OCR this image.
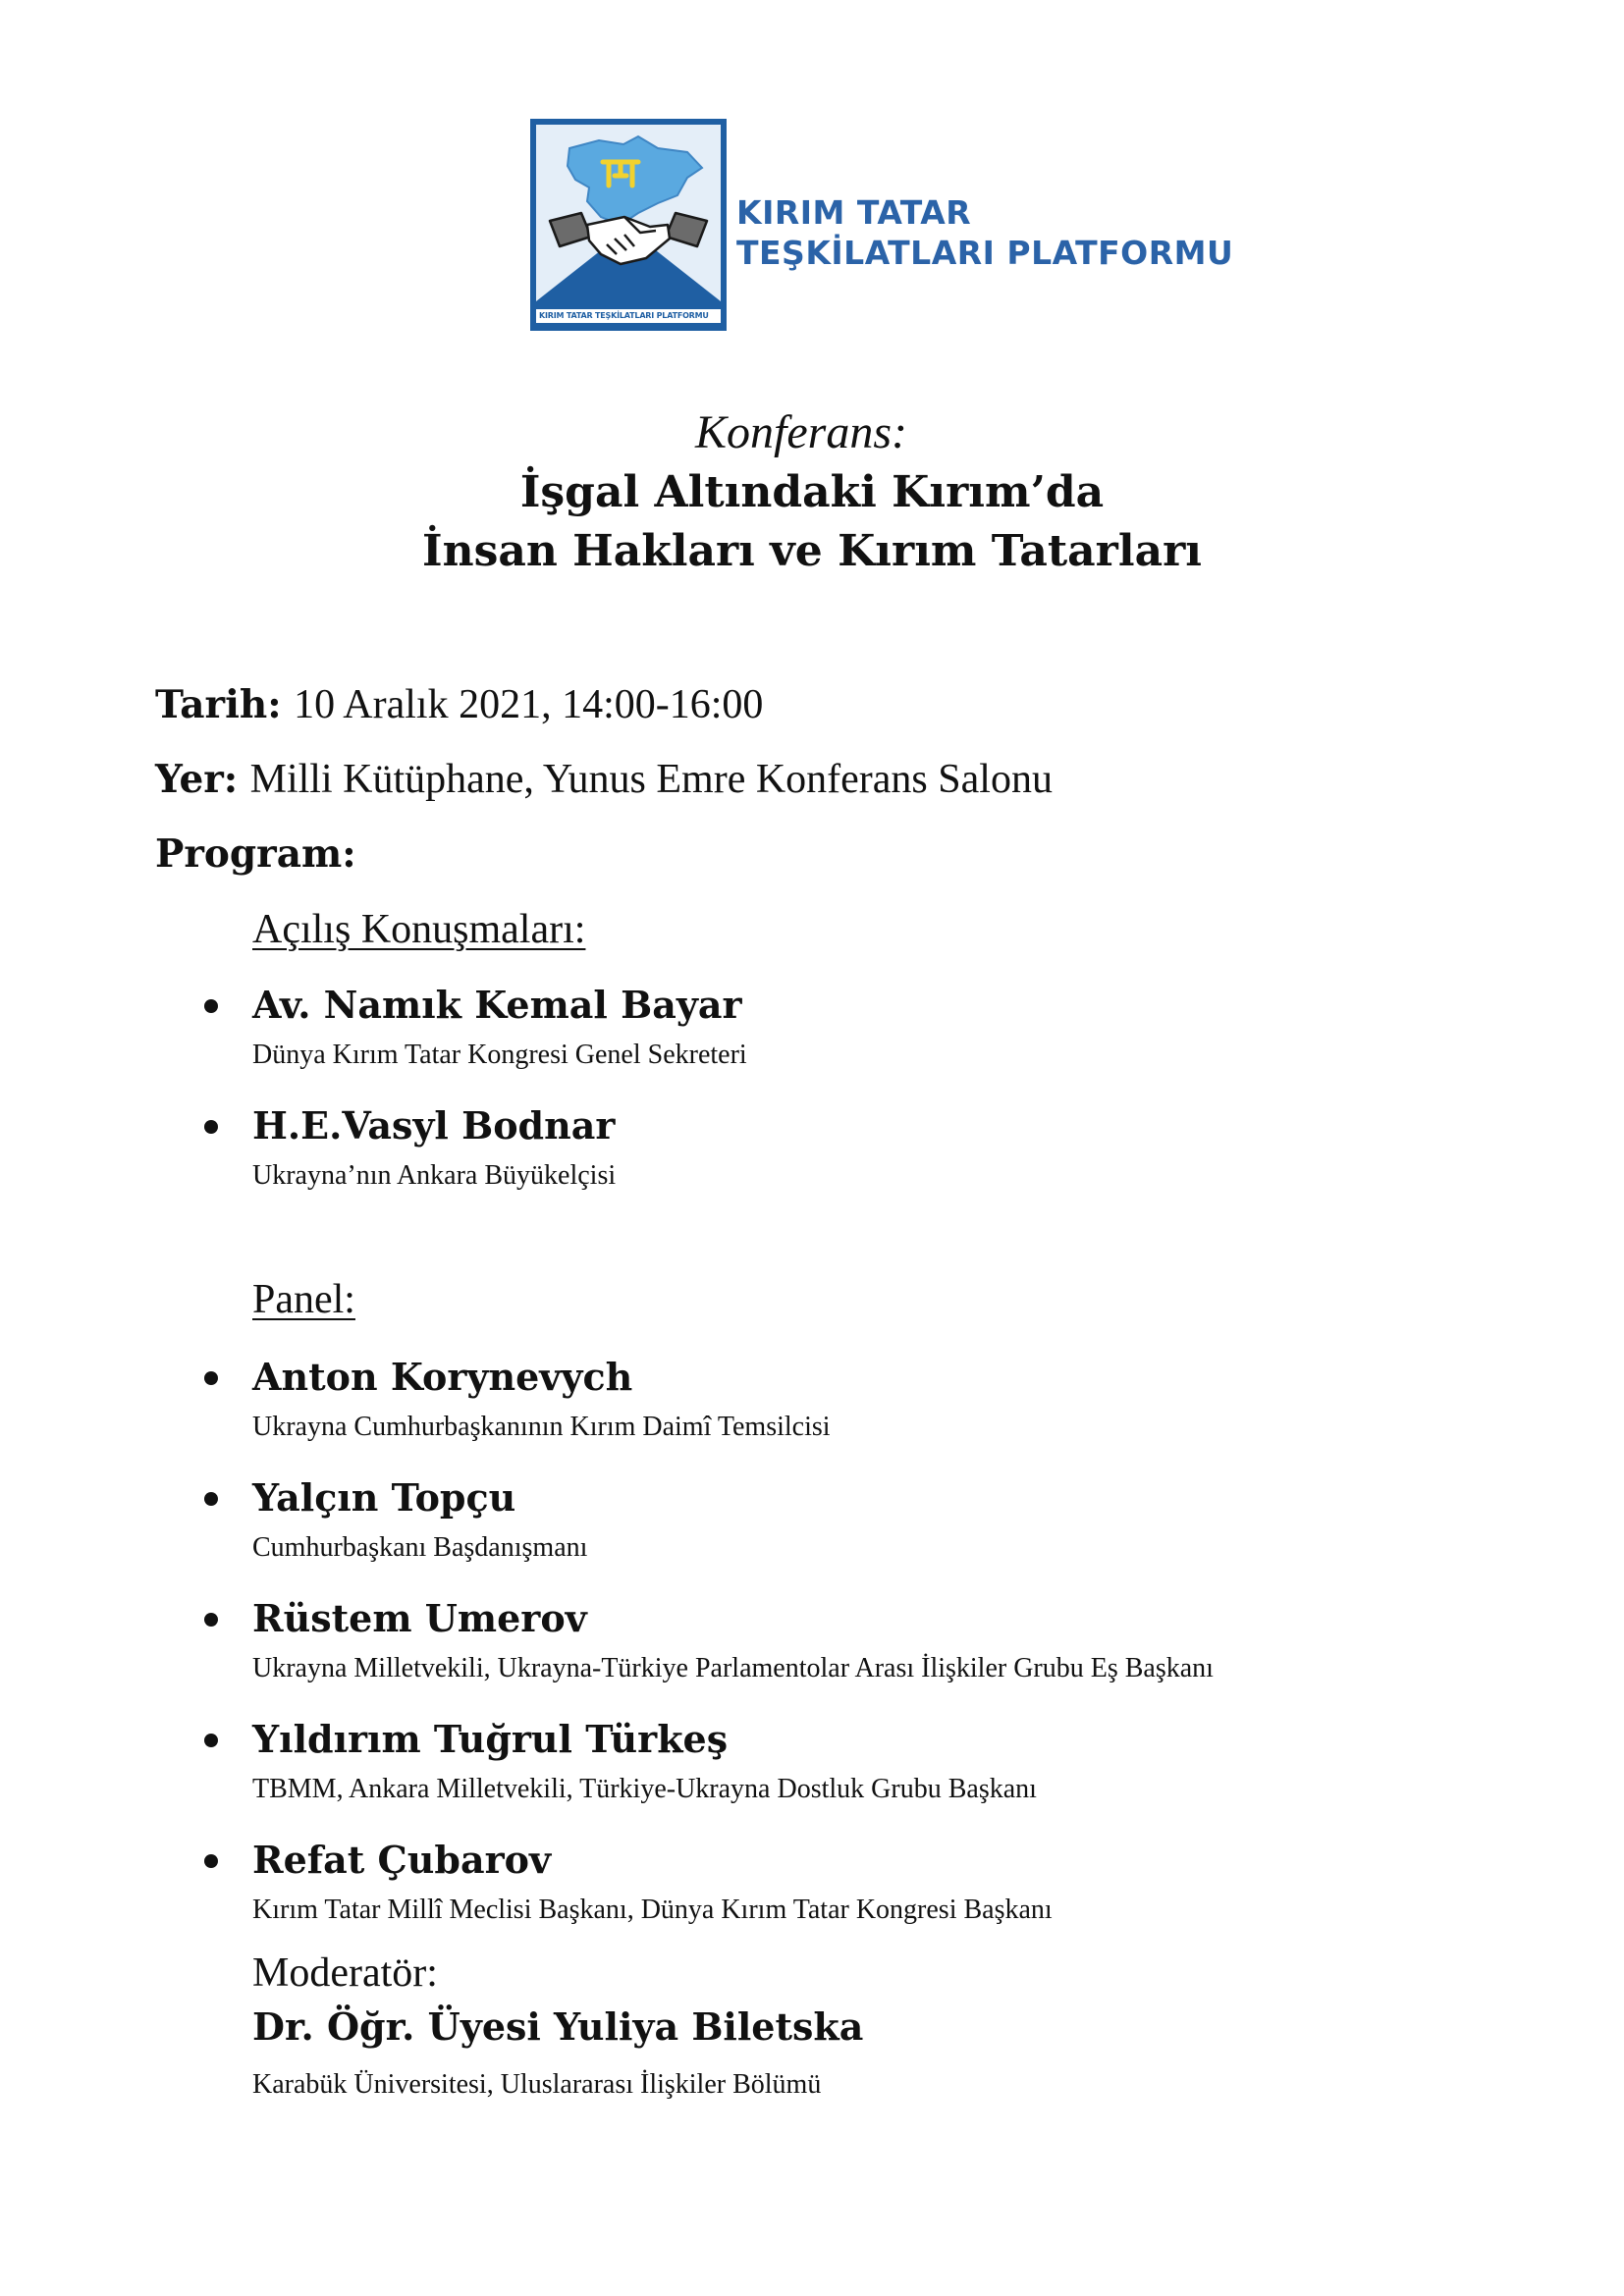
KIRIM TATAR TEŞKİLATLARI PLATFORMU
KIRIM TATAR
TEŞKİLATLARI PLATFORMU
Konferans:
İşgal Altındaki Kırım’da
İnsan Hakları ve Kırım Tatarları
Tarih: 10 Aralık 2021, 14:00-16:00
Yer: Milli Kütüphane, Yunus Emre Konferans Salonu
Program:
Açılış Konuşmaları:
Av. Namık Kemal Bayar
Dünya Kırım Tatar Kongresi Genel Sekreteri
H.E.Vasyl Bodnar
Ukrayna’nın Ankara Büyükelçisi
Panel:
Anton Korynevych
Ukrayna Cumhurbaşkanının Kırım Daimî Temsilcisi
Yalçın Topçu
Cumhurbaşkanı Başdanışmanı
Rüstem Umerov
Ukrayna Milletvekili, Ukrayna-Türkiye Parlamentolar Arası İlişkiler Grubu Eş Başkanı
Yıldırım Tuğrul Türkeş
TBMM, Ankara Milletvekili, Türkiye-Ukrayna Dostluk Grubu Başkanı
Refat Çubarov
Kırım Tatar Millî Meclisi Başkanı, Dünya Kırım Tatar Kongresi Başkanı
Moderatör:
Dr. Öğr. Üyesi Yuliya Biletska
Karabük Üniversitesi, Uluslararası İlişkiler Bölümü
